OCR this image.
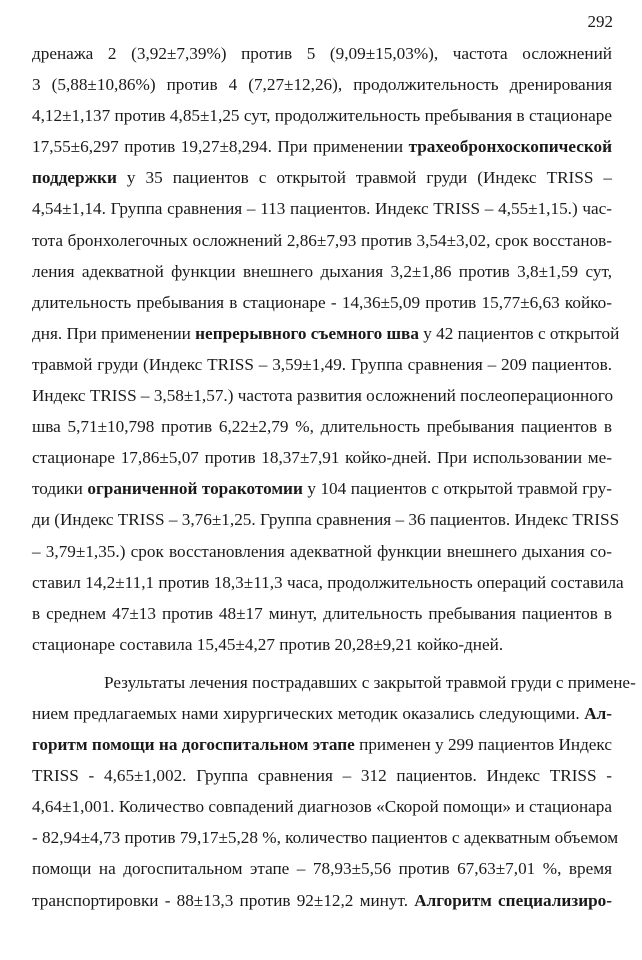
292
дренажа 2 (3,92±7,39%) против 5 (9,09±15,03%), частота осложнений
3 (5,88±10,86%) против 4 (7,27±12,26), продолжительность дренирования
4,12±1,137 против 4,85±1,25 сут, продолжительность пребывания в стационаре
17,55±6,297 против 19,27±8,294. При применении трахеобронхоскопической
поддержки у 35 пациентов с открытой травмой груди (Индекс TRISS –
4,54±1,14. Группа сравнения – 113 пациентов. Индекс TRISS – 4,55±1,15.) час-
тота бронхолегочных осложнений 2,86±7,93 против 3,54±3,02, срок восстанов-
ления адекватной функции внешнего дыхания 3,2±1,86 против 3,8±1,59 сут,
длительность пребывания в стационаре - 14,36±5,09 против 15,77±6,63 койко-
дня. При применении непрерывного съемного шва у 42 пациентов с открытой
травмой груди (Индекс TRISS – 3,59±1,49. Группа сравнения – 209 пациентов.
Индекс TRISS – 3,58±1,57.) частота развития осложнений послеоперационного
шва 5,71±10,798 против 6,22±2,79 %, длительность пребывания пациентов в
стационаре 17,86±5,07 против 18,37±7,91 койко-дней. При использовании ме-
тодики ограниченной торакотомии у 104 пациентов с открытой травмой гру-
ди (Индекс TRISS – 3,76±1,25. Группа сравнения – 36 пациентов. Индекс TRISS
– 3,79±1,35.) срок восстановления адекватной функции внешнего дыхания со-
ставил 14,2±11,1 против 18,3±11,3 часа, продолжительность операций составила
в среднем 47±13 против 48±17 минут, длительность пребывания пациентов в
стационаре составила 15,45±4,27 против 20,28±9,21 койко-дней.
Результаты лечения пострадавших с закрытой травмой груди с примене-
нием предлагаемых нами хирургических методик оказались следующими. Ал-
горитм помощи на догоспитальном этапе применен у 299 пациентов Индекс
TRISS - 4,65±1,002. Группа сравнения – 312 пациентов. Индекс TRISS -
4,64±1,001. Количество совпадений диагнозов «Скорой помощи» и стационара
- 82,94±4,73 против 79,17±5,28 %, количество пациентов с адекватным объемом
помощи на догоспитальном этапе – 78,93±5,56 против 67,63±7,01 %, время
транспортировки - 88±13,3 против 92±12,2 минут. Алгоритм специализиро-
